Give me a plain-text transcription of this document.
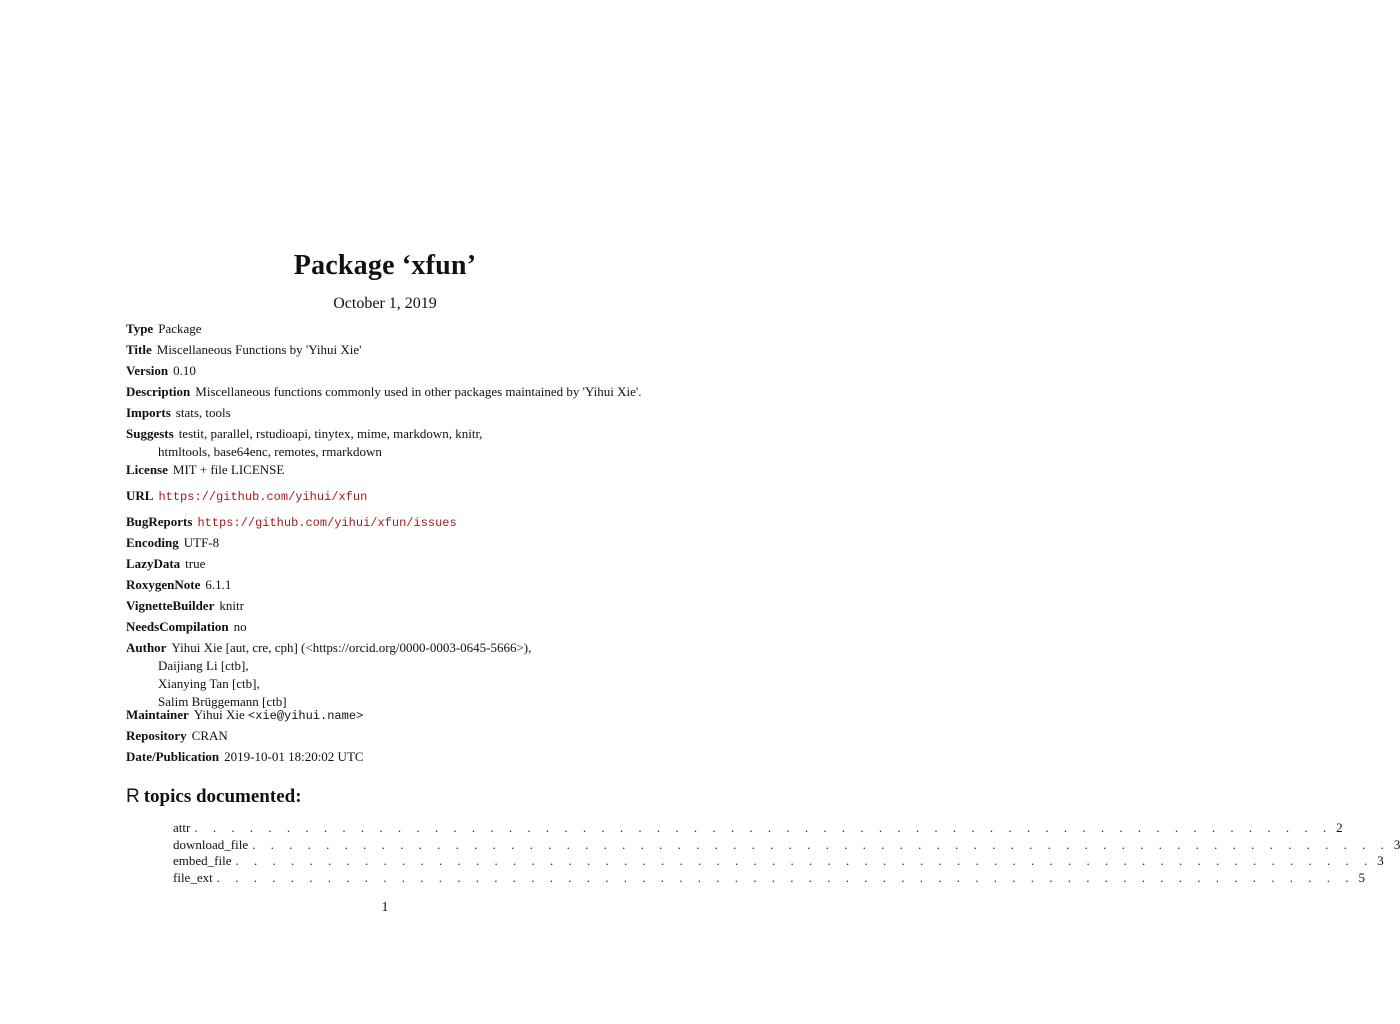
Package ‘xfun’
October 1, 2019
Type Package
Title Miscellaneous Functions by 'Yihui Xie'
Version 0.10
Description Miscellaneous functions commonly used in other packages maintained by 'Yihui Xie'.
Imports stats, tools
Suggests testit, parallel, rstudioapi, tinytex, mime, markdown, knitr,
htmltools, base64enc, remotes, rmarkdown
License MIT + file LICENSE
URL https://github.com/yihui/xfun
BugReports https://github.com/yihui/xfun/issues
Encoding UTF-8
LazyData true
RoxygenNote 6.1.1
VignetteBuilder knitr
NeedsCompilation no
Author Yihui Xie [aut, cre, cph] (<https://orcid.org/0000-0003-0645-5666>),
Daijiang Li [ctb],
Xianying Tan [ctb],
Salim Brüggemann [ctb]
Maintainer Yihui Xie <xie@yihui.name>
Repository CRAN
Date/Publication 2019-10-01 18:20:02 UTC
R topics documented:
attr . . . . . . . . . . . . . . . . . . . . . . . . . . . . . . . . . . . . . . . . . . . . . . . . . . . . . . . . . . . . . . 2
download_file . . . . . . . . . . . . . . . . . . . . . . . . . . . . . . . . . . . . . . . . . . . . . . . . . . . . . . . . . . . . . . 3
embed_file . . . . . . . . . . . . . . . . . . . . . . . . . . . . . . . . . . . . . . . . . . . . . . . . . . . . . . . . . . . . . . 3
file_ext . . . . . . . . . . . . . . . . . . . . . . . . . . . . . . . . . . . . . . . . . . . . . . . . . . . . . . . . . . . . . . 5
1
